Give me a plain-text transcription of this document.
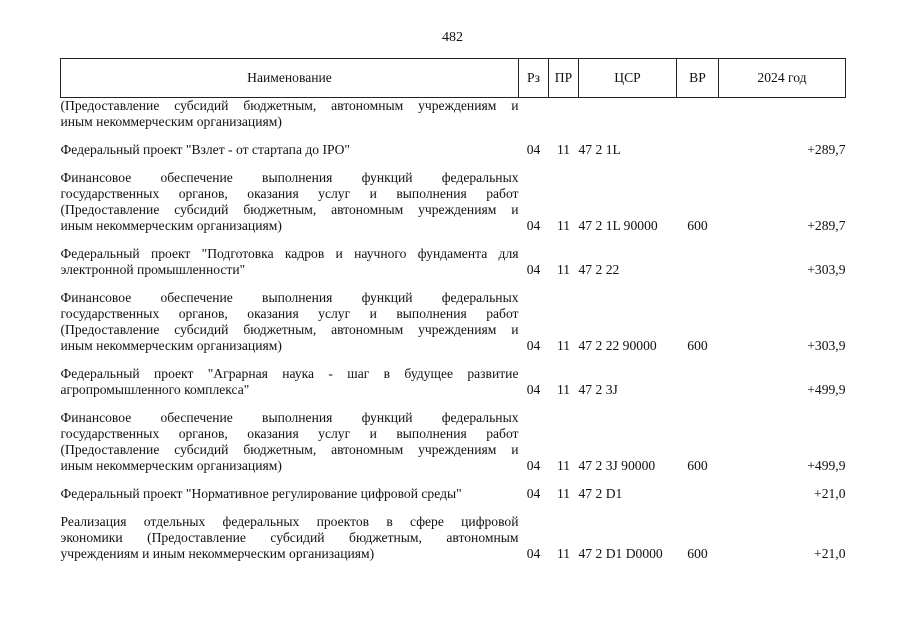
482
Наименование	Рз	ПР	ЦСР	ВР	2024 год

(Предоставление субсидий бюджетным, автономным учреждениям и
иным некоммерческим организациям)					

Федеральный проект "Взлет - от стартапа до IPO"	04	11	47 2 1L		+289,7

Финансовое обеспечение выполнения функций федеральных
государственных органов, оказания услуг и выполнения работ
(Предоставление субсидий бюджетным, автономным учреждениям и
иным некоммерческим организациям)	04	11	47 2 1L 90000	600	+289,7

Федеральный проект "Подготовка кадров и научного фундамента для
электронной промышленности"	04	11	47 2 22		+303,9

Финансовое обеспечение выполнения функций федеральных
государственных органов, оказания услуг и выполнения работ
(Предоставление субсидий бюджетным, автономным учреждениям и
иным некоммерческим организациям)	04	11	47 2 22 90000	600	+303,9

Федеральный проект "Аграрная наука - шаг в будущее развитие
агропромышленного комплекса"	04	11	47 2 3J		+499,9

Финансовое обеспечение выполнения функций федеральных
государственных органов, оказания услуг и выполнения работ
(Предоставление субсидий бюджетным, автономным учреждениям и
иным некоммерческим организациям)	04	11	47 2 3J 90000	600	+499,9

Федеральный проект "Нормативное регулирование цифровой среды"	04	11	47 2 D1		+21,0

Реализация отдельных федеральных проектов в сфере цифровой
экономики (Предоставление субсидий бюджетным, автономным
учреждениям и иным некоммерческим организациям)	04	11	47 2 D1 D0000	600	+21,0
